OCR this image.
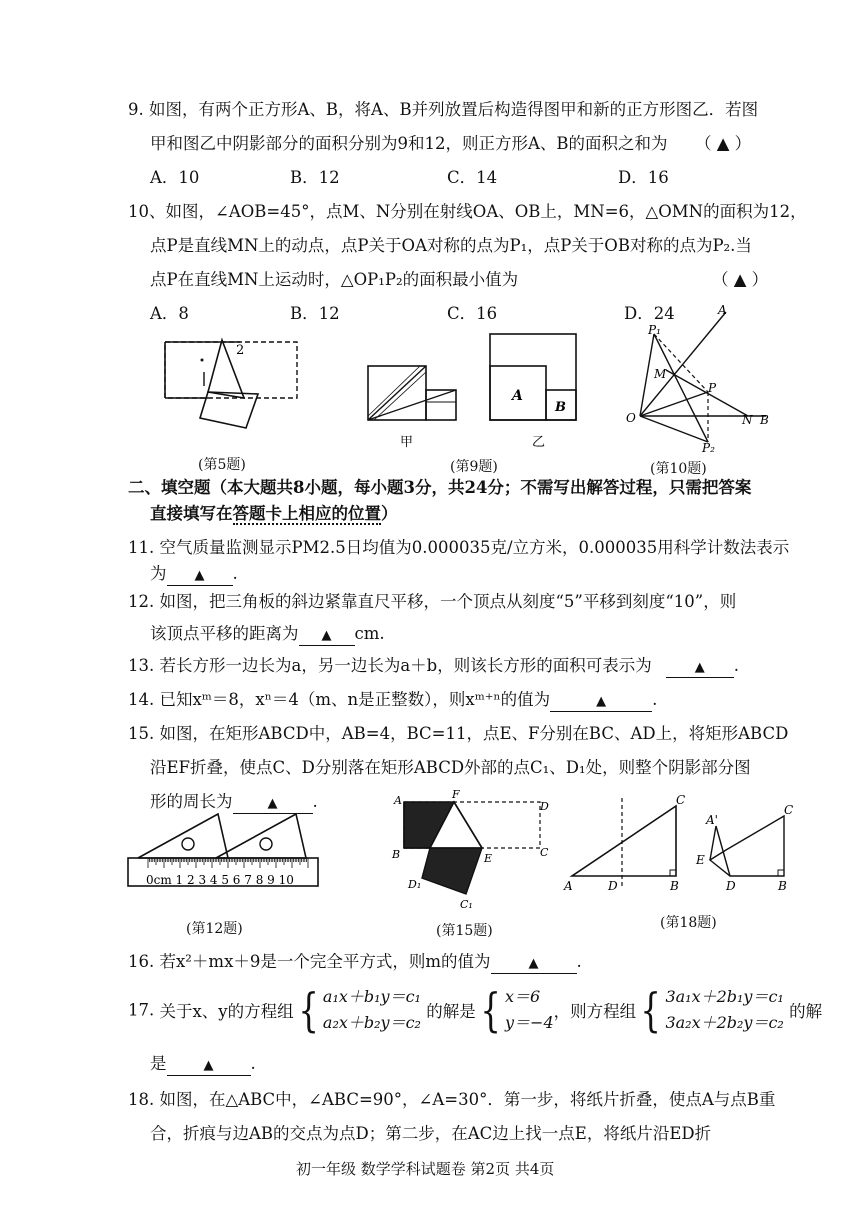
9. 如图，有两个正方形A、B，将A、B并列放置后构造得图甲和新的正方形图乙．若图
甲和图乙中阴影部分的面积分别为9和12，则正方形A、B的面积之和为 （ ▲ ）
A．10	B．12	C．14	D．16
10、如图，∠AOB=45°，点M、N分别在射线OA、OB上，MN=6，△OMN的面积为12，
点P是直线MN上的动点，点P关于OA对称的点为P₁，点P关于OB对称的点为P₂.当
点P在直线MN上运动时，△OP₁P₂的面积最小值为	（ ▲ ）
A．8	B．12	C．16	D．24
2
(第5题)
A
B
甲	乙
(第9题)
P₁
A
M
P
O	N B
P₂
(第10题)
二、填空题（本大题共8小题，每小题3分，共24分；不需写出解答过程，只需把答案
直接填写在答题卡上相应的位置）
11. 空气质量监测显示PM2.5日均值为0.000035克/立方米，0.000035用科学计数法表示
为 ▲ .
12. 如图，把三角板的斜边紧靠直尺平移，一个顶点从刻度“5”平移到刻度“10”，则
该顶点平移的距离为 ▲ cm.
13. 若长方形一边长为a，另一边长为a＋b，则该长方形的面积可表示为	▲ .
14. 已知xᵐ＝8，xⁿ＝4（m、n是正整数），则xᵐ⁺ⁿ的值为	▲	.
15. 如图，在矩形ABCD中，AB=4，BC=11，点E、F分别在BC、AD上，将矩形ABCD
沿EF折叠，使点C、D分别落在矩形ABCD外部的点C₁、D₁处，则整个阴影部分图
形的周长为	▲ .
0cm 1 2 3 4 5 6 7 8 9 10
(第12题)
A	F
D
B	E	C
D₁
C₁
(第15题)
C
A	D	B
A'
E
C
D	B
(第18题)
16. 若x²＋mx＋9是一个完全平方式，则m的值为	▲ .
17. 关于x、y的方程组{ a₁x＋b₁y＝c₁
a₂x＋b₂y＝c₂ 的解是{ x＝6
y＝−4，则方程组{ 3a₁x＋2b₁y＝c₁
3a₂x＋2b₂y＝c₂ 的解
是	▲ .
18. 如图，在△ABC中，∠ABC=90°，∠A=30°．第一步，将纸片折叠，使点A与点B重
合，折痕与边AB的交点为点D；第二步，在AC边上找一点E，将纸片沿ED折
初一年级 数学学科试题卷 第2页 共4页
